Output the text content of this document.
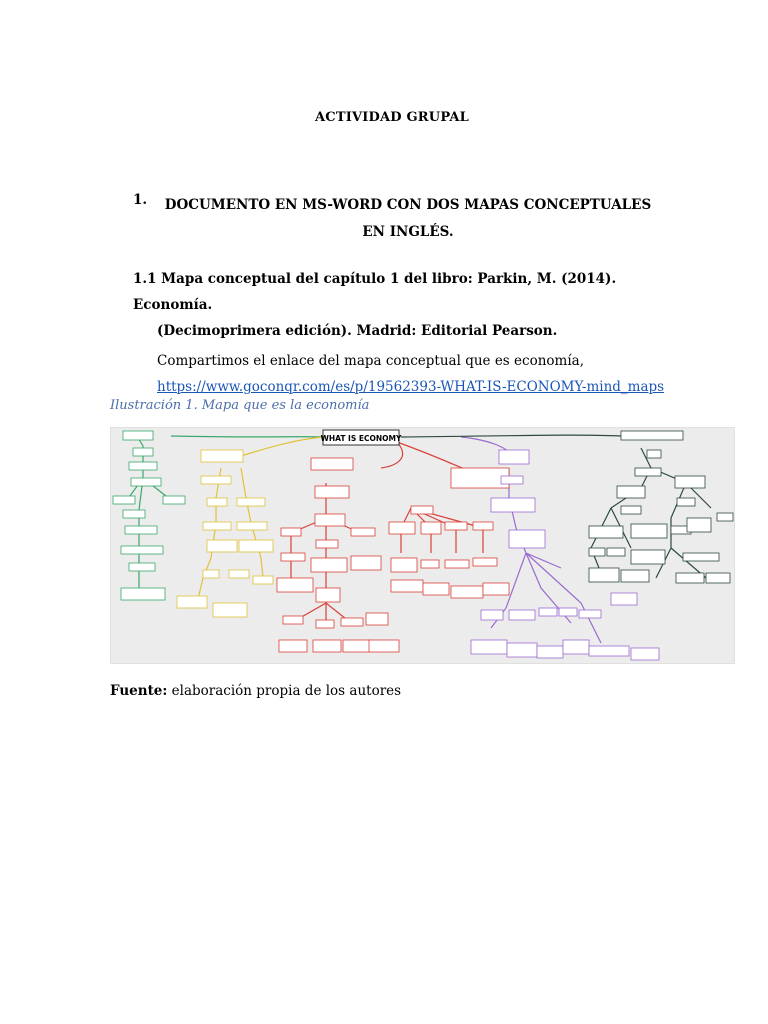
ACTIVIDAD GRUPAL
1.	DOCUMENTO EN MS-WORD CON DOS MAPAS CONCEPTUALES EN INGLÉS.
1.1 Mapa conceptual del capítulo 1 del libro: Parkin, M. (2014). Economía.
(Decimoprimera edición). Madrid: Editorial Pearson.
Compartimos el enlace del mapa conceptual que es economía,
https://www.goconqr.com/es/p/19562393-WHAT-IS-ECONOMY-mind_maps
Ilustración 1. Mapa que es la economía
WHAT IS ECONOMY
Fuente: elaboración propia de los autores
